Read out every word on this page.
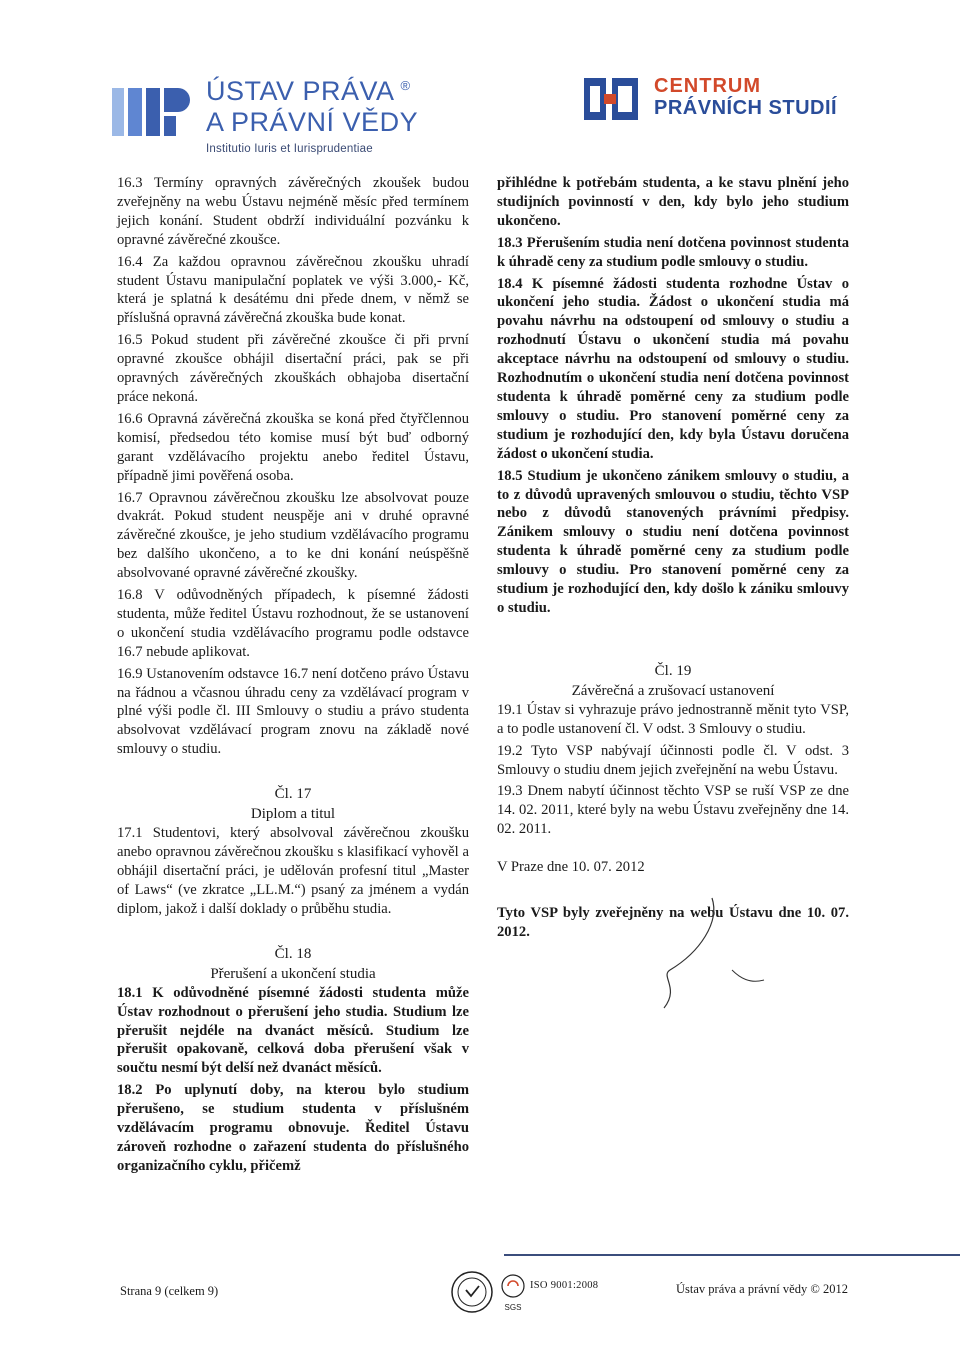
ÚSTAV PRÁVA ®
A PRÁVNÍ VĚDY
Institutio Iuris et Iurisprudentiae
CENTRUM
PRÁVNÍCH STUDIÍ

16.3 Termíny opravných závěrečných zkoušek budou zveřejněny na webu Ústavu nejméně měsíc před termínem jejich konání. Student obdrží individuální pozvánku k opravné závěrečné zkoušce.

16.4 Za každou opravnou závěrečnou zkoušku uhradí student Ústavu manipulační poplatek ve výši 3.000,- Kč, která je splatná k desátému dni přede dnem, v němž se příslušná opravná závěrečná zkouška bude konat.

16.5 Pokud student při závěrečné zkoušce či při první opravné zkoušce obhájil disertační práci, pak se při opravných závěrečných zkouškách obhajoba disertační práce nekoná.

16.6 Opravná závěrečná zkouška se koná před čtyřčlennou komisí, předsedou této komise musí být buď odborný garant vzdělávacího projektu anebo ředitel Ústavu, případně jimi pověřená osoba.

16.7 Opravnou závěrečnou zkoušku lze absolvovat pouze dvakrát. Pokud student neuspěje ani v druhé opravné závěrečné zkoušce, je jeho studium vzdělávacího programu bez dalšího ukončeno, a to ke dni konání neúspěšně absolvované opravné závěrečné zkoušky.

16.8 V odůvodněných případech, k písemné žádosti studenta, může ředitel Ústavu rozhodnout, že se ustanovení o ukončení studia vzdělávacího programu podle odstavce 16.7 nebude aplikovat.

16.9 Ustanovením odstavce 16.7 není dotčeno právo Ústavu na řádnou a včasnou úhradu ceny za vzdělávací program v plné výši podle čl. III Smlouvy o studiu a právo studenta absolvovat vzdělávací program znovu na základě nové smlouvy o studiu.

Čl. 17
Diplom a titul

17.1 Studentovi, který absolvoval závěrečnou zkoušku anebo opravnou závěrečnou zkoušku s klasifikací vyhověl a obhájil disertační práci, je udělován profesní titul „Master of Laws“ (ve zkratce „LL.M.“) psaný za jménem a vydán diplom, jakož i další doklady o průběhu studia.

Čl. 18
Přerušení a ukončení studia

18.1 K odůvodněné písemné žádosti studenta může Ústav rozhodnout o přerušení jeho studia. Studium lze přerušit nejdéle na dvanáct měsíců. Studium lze přerušit opakovaně, celková doba přerušení však v součtu nesmí být delší než dvanáct měsíců.

18.2 Po uplynutí doby, na kterou bylo studium přerušeno, se studium studenta v příslušném vzdělávacím programu obnovuje. Ředitel Ústavu zároveň rozhodne o zařazení studenta do příslušného organizačního cyklu, přičemž

přihlédne k potřebám studenta, a ke stavu plnění jeho studijních povinností v den, kdy bylo jeho studium ukončeno.

18.3 Přerušením studia není dotčena povinnost studenta k úhradě ceny za studium podle smlouvy o studiu.

18.4 K písemné žádosti studenta rozhodne Ústav o ukončení jeho studia. Žádost o ukončení studia má povahu návrhu na odstoupení od smlouvy o studiu a rozhodnutí Ústavu o ukončení studia má povahu akceptace návrhu na odstoupení od smlouvy o studiu. Rozhodnutím o ukončení studia není dotčena povinnost studenta k úhradě poměrné ceny za studium podle smlouvy o studiu. Pro stanovení poměrné ceny za studium je rozhodující den, kdy byla Ústavu doručena žádost o ukončení studia.

18.5 Studium je ukončeno zánikem smlouvy o studiu, a to z důvodů upravených smlouvou o studiu, těchto VSP nebo z důvodů stanovených právními předpisy. Zánikem smlouvy o studiu není dotčena povinnost studenta k úhradě poměrné ceny za studium podle smlouvy o studiu. Pro stanovení poměrné ceny za studium je rozhodující den, kdy došlo k zániku smlouvy o studiu.

Čl. 19
Závěrečná a zrušovací ustanovení

19.1 Ústav si vyhrazuje právo jednostranně měnit tyto VSP, a to podle ustanovení čl. V odst. 3 Smlouvy o studiu.

19.2 Tyto VSP nabývají účinnosti podle čl. V odst. 3 Smlouvy o studiu dnem jejich zveřejnění na webu Ústavu.

19.3 Dnem nabytí účinnost těchto VSP se ruší VSP ze dne 14. 02. 2011, které byly na webu Ústavu zveřejněny dne 14. 02. 2011.

V Praze dne 10. 07. 2012

Tyto VSP byly zveřejněny na webu Ústavu dne 10. 07. 2012.

Strana 9 (celkem 9)
SGS
ISO 9001:2008	Ústav práva a právní vědy © 2012
